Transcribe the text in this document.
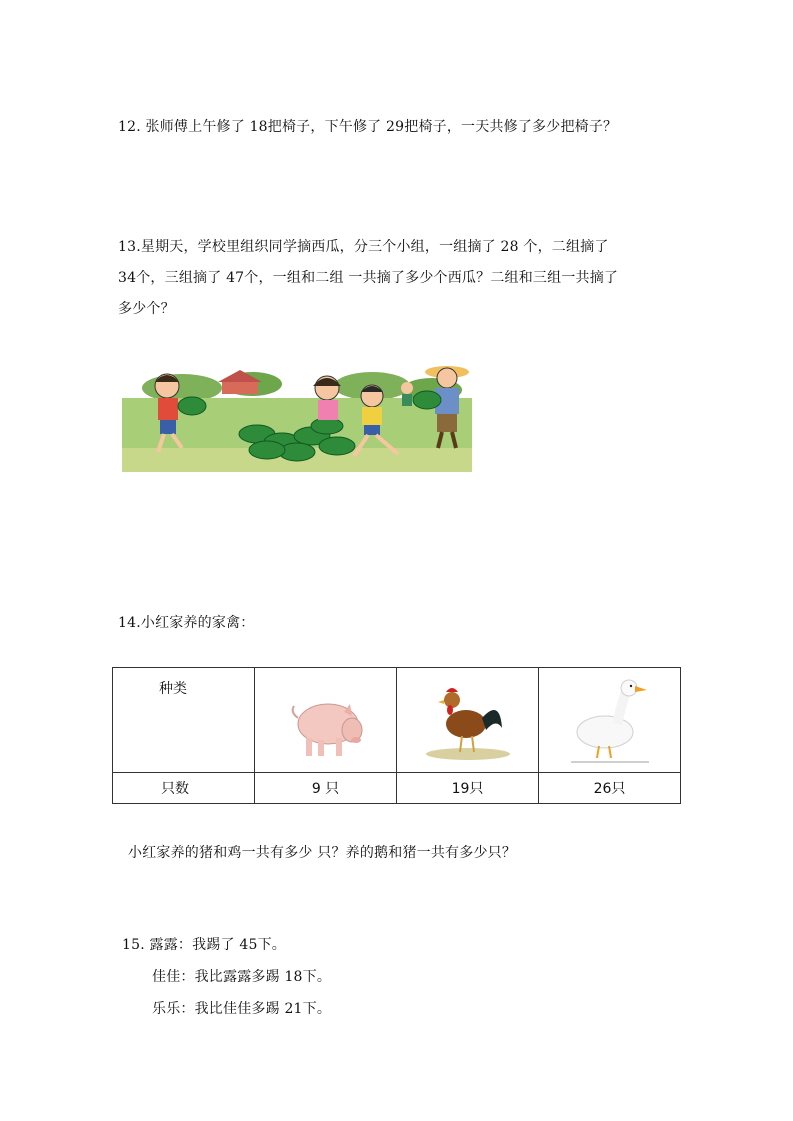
12. 张师傅上午修了 18把椅子，下午修了 29把椅子，一天共修了多少把椅子？
13.星期天，学校里组织同学摘西瓜，分三个小组，一组摘了 28 个，二组摘了
34个，三组摘了 47个，一组和二组 一共摘了多少个西瓜？二组和三组一共摘了
多少个？
14.小红家养的家禽：
种类

只数	9 只	19只	26只
小红家养的猪和鸡一共有多少 只？养的鹅和猪一共有多少只？
15. 露露：我踢了 45下。
佳佳：我比露露多踢 18下。
乐乐：我比佳佳多踢 21下。
